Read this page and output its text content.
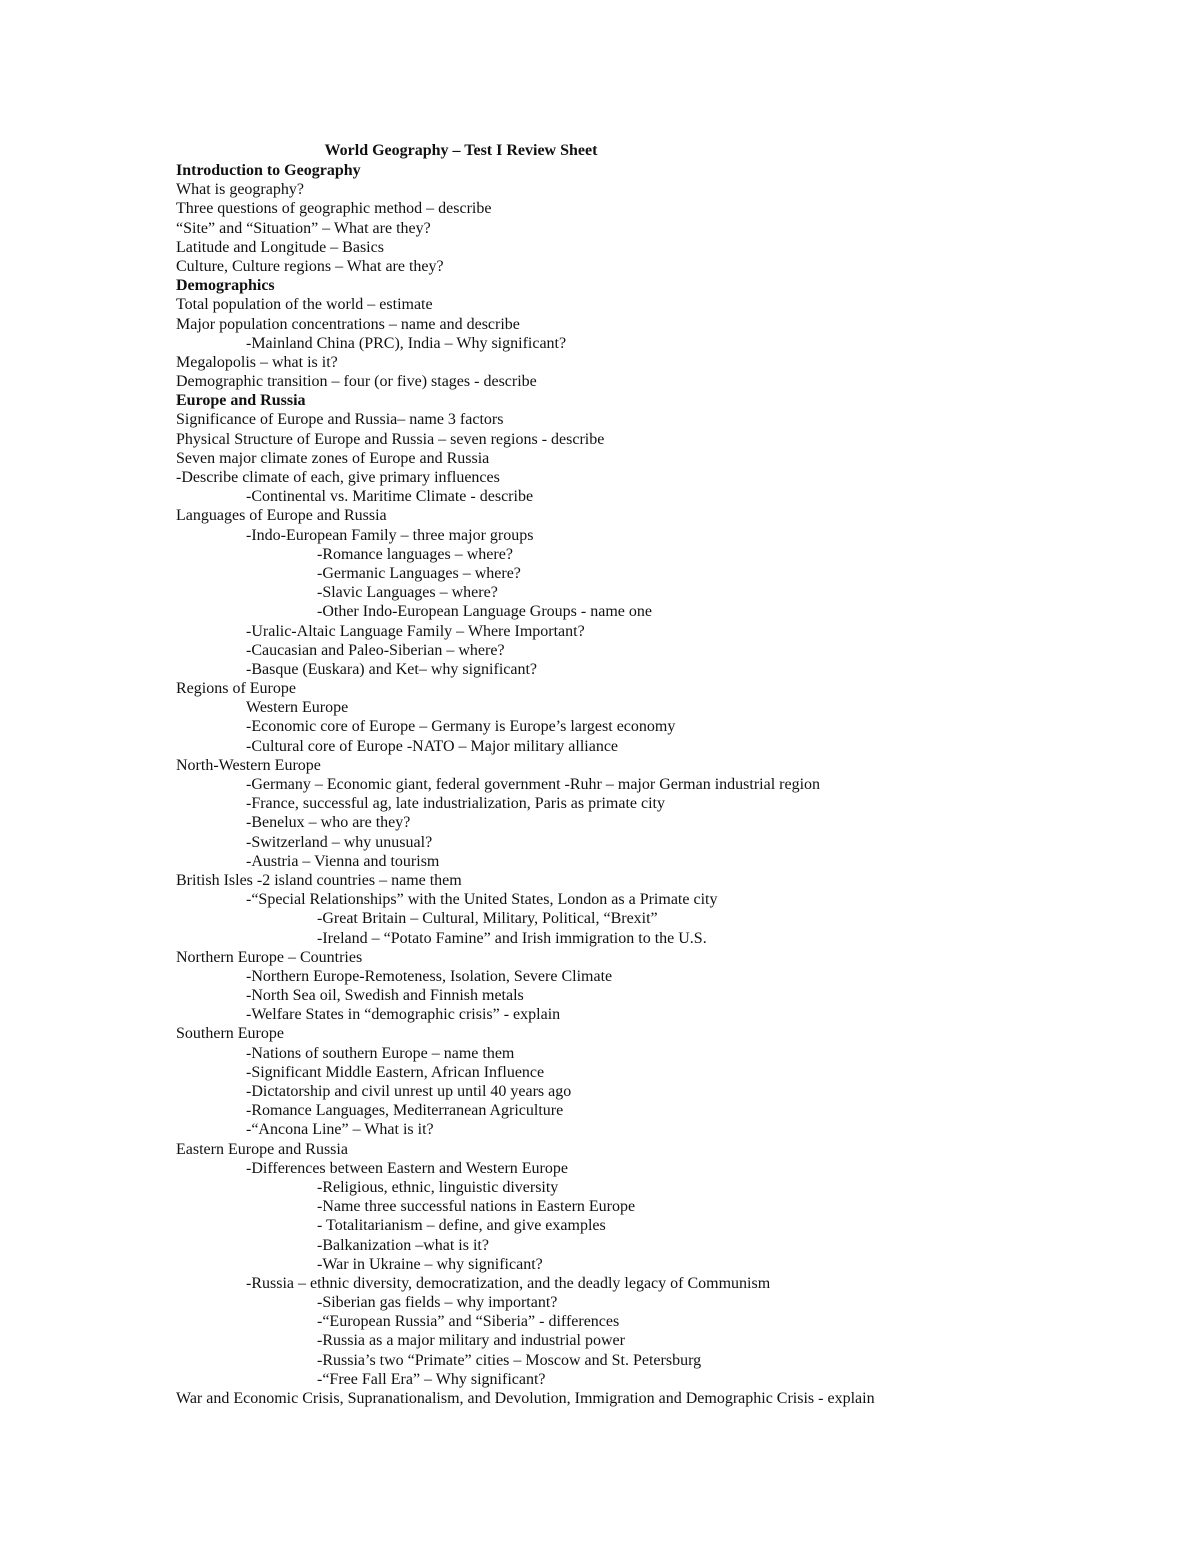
World Geography – Test I Review Sheet
Introduction to Geography
What is geography?
Three questions of geographic method – describe
“Site” and “Situation” – What are they?
Latitude and Longitude – Basics
Culture, Culture regions – What are they?
Demographics
Total population of the world – estimate
Major population concentrations – name and describe
-Mainland China (PRC), India – Why significant?
Megalopolis – what is it?
Demographic transition – four (or five) stages - describe
Europe and Russia
Significance of Europe and Russia– name 3 factors
Physical Structure of Europe and Russia – seven regions - describe
Seven major climate zones of Europe and Russia
-Describe climate of each, give primary influences
-Continental vs. Maritime Climate - describe
Languages of Europe and Russia
-Indo-European Family – three major groups
-Romance languages – where?
-Germanic Languages – where?
-Slavic Languages – where?
-Other Indo-European Language Groups - name one
-Uralic-Altaic Language Family – Where Important?
-Caucasian and Paleo-Siberian – where?
-Basque (Euskara) and Ket– why significant?
Regions of Europe
Western Europe
-Economic core of Europe – Germany is Europe’s largest economy
-Cultural core of Europe -NATO – Major military alliance
North-Western Europe
-Germany – Economic giant, federal government -Ruhr – major German industrial region
-France, successful ag, late industrialization, Paris as primate city
-Benelux – who are they?
-Switzerland – why unusual?
-Austria – Vienna and tourism
British Isles -2 island countries – name them
-“Special Relationships” with the United States, London as a Primate city
-Great Britain – Cultural, Military, Political, “Brexit”
-Ireland – “Potato Famine” and Irish immigration to the U.S.
Northern Europe – Countries
-Northern Europe-Remoteness, Isolation, Severe Climate
-North Sea oil, Swedish and Finnish metals
-Welfare States in “demographic crisis” - explain
Southern Europe
-Nations of southern Europe – name them
-Significant Middle Eastern, African Influence
-Dictatorship and civil unrest up until 40 years ago
-Romance Languages, Mediterranean Agriculture
-“Ancona Line” – What is it?
Eastern Europe and Russia
-Differences between Eastern and Western Europe
-Religious, ethnic, linguistic diversity
-Name three successful nations in Eastern Europe
- Totalitarianism – define, and give examples
-Balkanization –what is it?
-War in Ukraine – why significant?
-Russia – ethnic diversity, democratization, and the deadly legacy of Communism
-Siberian gas fields – why important?
-“European Russia” and “Siberia” - differences
-Russia as a major military and industrial power
-Russia’s two “Primate” cities – Moscow and St. Petersburg
-“Free Fall Era” – Why significant?
War and Economic Crisis, Supranationalism, and Devolution, Immigration and Demographic Crisis - explain
